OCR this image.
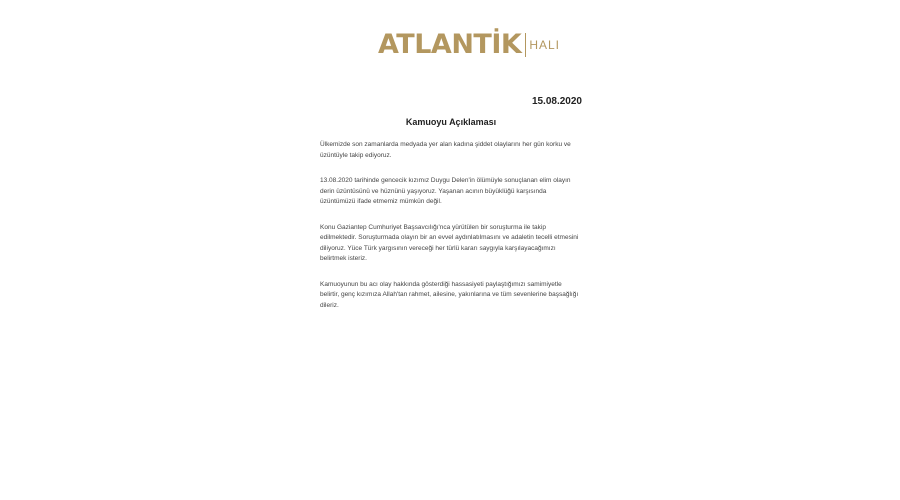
ATLANTİK HALI
15.08.2020
Kamuoyu Açıklaması

Ülkemizde son zamanlarda medyada yer alan kadına şiddet olaylarını her gün korku ve üzüntüyle takip ediyoruz.

13.08.2020 tarihinde gencecik kızımız Duygu Delen'in ölümüyle sonuçlanan elim olayın derin üzüntüsünü ve hüznünü yaşıyoruz. Yaşanan acının büyüklüğü karşısında üzüntümüzü ifade etmemiz mümkün değil.

Konu Gaziantep Cumhuriyet Başsavcılığı'nca yürütülen bir soruşturma ile takip edilmektedir. Soruşturmada olayın bir an evvel aydınlatılmasını ve adaletin tecelli etmesini diliyoruz. Yüce Türk yargısının vereceği her türlü kararı saygıyla karşılayacağımızı belirtmek isteriz.

Kamuoyunun bu acı olay hakkında gösterdiği hassasiyeti paylaştığımızı samimiyetle belirtir, genç kızımıza Allah'tan rahmet, ailesine, yakınlarına ve tüm sevenlerine başsağlığı dileriz.
